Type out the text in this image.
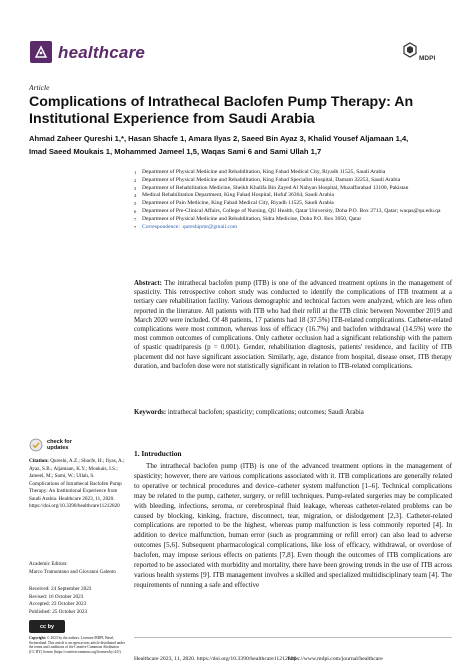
healthcare	MDPI
Article
Complications of Intrathecal Baclofen Pump Therapy: An Institutional Experience from Saudi Arabia
Ahmad Zaheer Qureshi 1,*, Hasan Shacfe 1, Amara Ilyas 2, Saeed Bin Ayaz 3, Khalid Yousef Aljamaan 1,4,
Imad Saeed Moukais 1, Mohammed Jameel 1,5, Waqas Sami 6 and Sami Ullah 1,7
1	Department of Physical Medicine and Rehabilitation, King Fahad Medical City, Riyadh 11525, Saudi Arabia
2	Department of Physical Medicine and Rehabilitation, King Fahad Specialist Hospital, Damam 32253, Saudi Arabia
3	Department of Rehabilitation Medicine, Sheikh Khalifa Bin Zayed Al Nahyan Hospital, Muzaffarabad 13100, Pakistan
4	Medical Rehabilitation Department, King Fahad Hospital, Hofuf 36364, Saudi Arabia
5	Department of Pain Medicine, King Fahad Medical City, Riyadh 11525, Saudi Arabia
6	Department of Pre-Clinical Affairs, College of Nursing, QU Health, Qatar University, Doha P.O. Box 2713, Qatar; waqas@qu.edu.qa
7	Department of Physical Medicine and Rehabilitation, Sidra Medicine, Doha P.O. Box 3050, Qatar
*	Correspondence: .qureshipmr@gmail.com
Abstract: The intrathecal baclofen pump (ITB) is one of the advanced treatment options in the management of spasticity. This retrospective cohort study was conducted to identify the complications of ITB treatment at a tertiary care rehabilitation facility. Various demographic and technical factors were analyzed, which are less often reported in the literature. All patients with ITB who had their refill at the ITB clinic between November 2019 and March 2020 were included. Of 48 patients, 17 patients had 18 (37.5%) ITB-related complications. Catheter-related complications were most common, whereas loss of efficacy (16.7%) and baclofen withdrawal (14.5%) were the most common outcomes of complications. Only catheter occlusion had a significant relationship with the pattern of spastic quadriparesis (p = 0.001). Gender, rehabilitation diagnosis, patients' residence, and facility of ITB placement did not have significant association. Similarly, age, distance from hospital, disease onset, ITB therapy duration, and baclofen dose were not statistically significant in relation to ITB-related complications.
Keywords: intrathecal baclofen; spasticity; complications; outcomes; Saudi Arabia
1. Introduction
The intrathecal baclofen pump (ITB) is one of the advanced treatment options in the management of spasticity; however, there are various complications associated with it. ITB complications are generally related to operative or technical procedures and device–catheter system malfunction [1–6]. Technical complications may be related to the pump, catheter, surgery, or refill techniques. Pump-related surgeries may be complicated with bleeding, infections, seroma, or cerebrospinal fluid leakage, whereas catheter-related problems can be caused by blocking, kinking, fracture, disconnect, tear, migration, or dislodgement [2,3]. Catheter-related complications are reported to be the highest, whereas pump malfunction is less commonly reported [4]. In addition to device malfunction, human error (such as programming or refill error) can also lead to adverse outcomes [5,6]. Subsequent pharmacological complications, like loss of efficacy, withdrawal, or overdose of baclofen, may impose serious effects on patients [7,8]. Even though the outcomes of ITB complications are reported to be associated with morbidity and mortality, there have been growing trends in the use of ITB across various health systems [9]. ITB management involves a skilled and specialized multidisciplinary team [4]. The requirements of running a safe and effective
check for updates
Citation: Qureshi, A.Z.; Shacfe, H.; Ilyas, A.; Ayaz, S.B.; Aljamaan, K.Y.; Moukais, I.S.; Jameel, M.; Sami, W.; Ullah, S. Complications of Intrathecal Baclofen Pump Therapy: An Institutional Experience from Saudi Arabia. Healthcare 2023, 11, 2820. https://doi.org/10.3390/healthcare11212820
Academic Editors:
Marco Tramontano and Giovanni Galeoto
Received: 24 September 2023
Revised: 16 October 2023
Accepted: 23 October 2023
Published: 25 October 2023
cc by
Copyright: © 2023 by the authors. Licensee MDPI, Basel, Switzerland. This article is an open access article distributed under the terms and conditions of the Creative Commons Attribution (CC BY) license (https://creativecommons.org/licenses/by/4.0/).
Healthcare 2023, 11, 2820. https://doi.org/10.3390/healthcare11212820
https://www.mdpi.com/journal/healthcare
